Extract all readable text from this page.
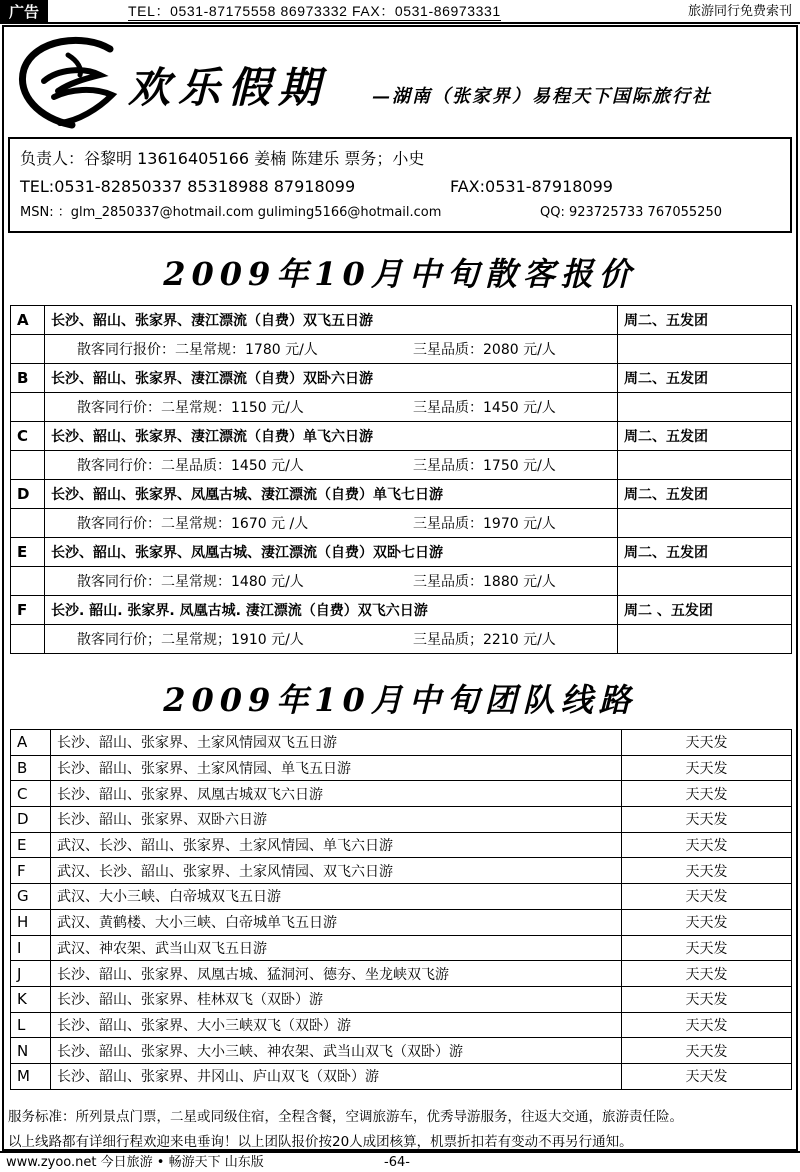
广告	TEL：0531-87175558 86973332 FAX：0531-86973331	旅游同行免费索刊
欢乐假期 —湖南（张家界）易程天下国际旅行社
负责人：谷黎明 13616405166 姜楠 陈建乐 票务；小史
TEL:0531-82850337 85318988 87918099	FAX:0531-87918099
MSN: ：glm_2850337@hotmail.com guliming5166@hotmail.com	QQ: 923725733 767055250
2009年10月中旬散客报价
A	长沙、韶山、张家界、淒江漂流（自费）双飞五日游	周二、五发团
	散客同行报价：二星常规：1780 元/人 三星品质：2080 元/人	
B	长沙、韶山、张家界、淒江漂流（自费）双卧六日游	周二、五发团
	散客同行价：二星常规：1150 元/人 三星品质：1450 元/人	
C	长沙、韶山、张家界、淒江漂流（自费）单飞六日游	周二、五发团
	散客同行价：二星品质：1450 元/人 三星品质：1750 元/人	
D	长沙、韶山、张家界、凤凰古城、淒江漂流（自费）单飞七日游	周二、五发团
	散客同行价：二星常规：1670 元 /人 三星品质：1970 元/人	
E	长沙、韶山、张家界、凤凰古城、淒江漂流（自费）双卧七日游	周二、五发团
	散客同行价：二星常规：1480 元/人 三星品质：1880 元/人	
F	长沙. 韶山. 张家界. 凤凰古城. 淒江漂流（自费）双飞六日游	周二 、五发团
	散客同行价；二星常规；1910 元/人 三星品质；2210 元/人	
2009年10月中旬团队线路
A	长沙、韶山、张家界、土家风情园双飞五日游	天天发
B	长沙、韶山、张家界、土家风情园、单飞五日游	天天发
C	长沙、韶山、张家界、凤凰古城双飞六日游	天天发
D	长沙、韶山、张家界、双卧六日游	天天发
E	武汉、长沙、韶山、张家界、土家风情园、单飞六日游	天天发
F	武汉、长沙、韶山、张家界、土家风情园、双飞六日游	天天发
G	武汉、大小三峡、白帝城双飞五日游	天天发
H	武汉、黄鹤楼、大小三峡、白帝城单飞五日游	天天发
I	武汉、神农架、武当山双飞五日游	天天发
J	长沙、韶山、张家界、凤凰古城、猛洞河、德夯、坐龙峡双飞游	天天发
K	长沙、韶山、张家界、桂林双飞（双卧）游	天天发
L	长沙、韶山、张家界、大小三峡双飞（双卧）游	天天发
N	长沙、韶山、张家界、大小三峡、神农架、武当山双飞（双卧）游	天天发
M	长沙、韶山、张家界、井冈山、庐山双飞（双卧）游	天天发
服务标准：所列景点门票，二星或同级住宿，全程含餐，空调旅游车，优秀导游服务，往返大交通，旅游责任险。
以上线路都有详细行程欢迎来电垂询！以上团队报价按20人成团核算，机票折扣若有变动不再另行通知。
www.zyoo.net 今日旅游 • 畅游天下 山东版	-64-
